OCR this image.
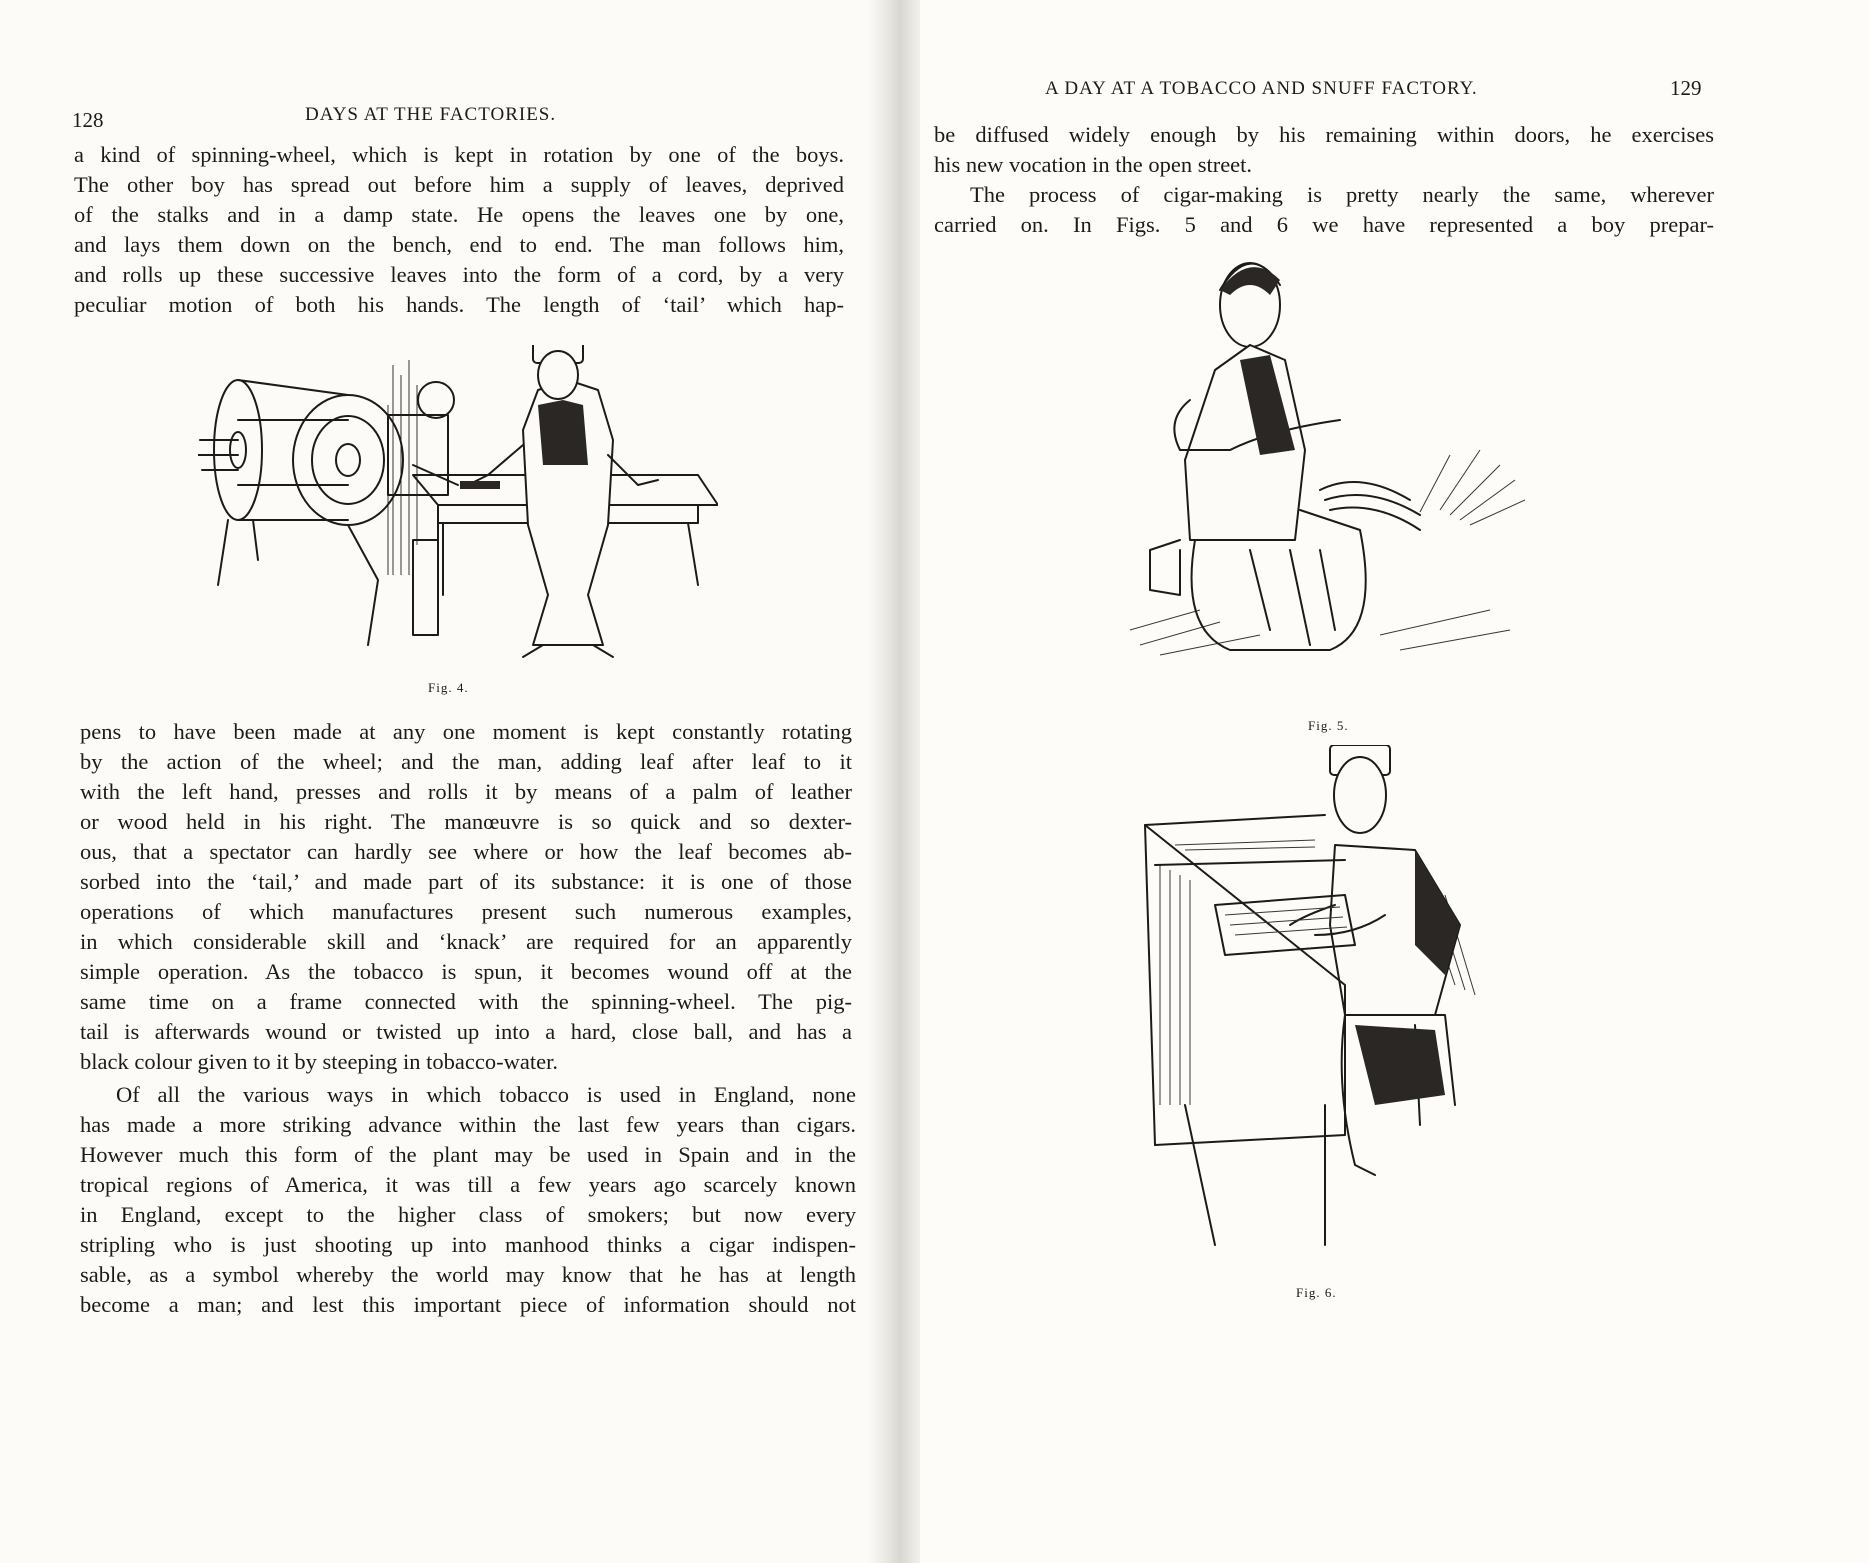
128	DAYS AT THE FACTORIES.

a kind of spinning-wheel, which is kept in rotation by one of the boys.

The other boy has spread out before him a supply of leaves, deprived

of the stalks and in a damp state. He opens the leaves one by one,

and lays them down on the bench, end to end. The man follows him,

and rolls up these successive leaves into the form of a cord, by a very

peculiar motion of both his hands. The length of ‘tail’ which hap-

Fig. 4.

pens to have been made at any one moment is kept constantly rotating

by the action of the wheel; and the man, adding leaf after leaf to it

with the left hand, presses and rolls it by means of a palm of leather

or wood held in his right. The manœuvre is so quick and so dexter-

ous, that a spectator can hardly see where or how the leaf becomes ab-

sorbed into the ‘tail,’ and made part of its substance: it is one of those

operations of which manufactures present such numerous examples,

in which considerable skill and ‘knack’ are required for an apparently

simple operation. As the tobacco is spun, it becomes wound off at the

same time on a frame connected with the spinning-wheel. The pig-

tail is afterwards wound or twisted up into a hard, close ball, and has a

black colour given to it by steeping in tobacco-water.

Of all the various ways in which tobacco is used in England, none

has made a more striking advance within the last few years than cigars.

However much this form of the plant may be used in Spain and in the

tropical regions of America, it was till a few years ago scarcely known

in England, except to the higher class of smokers; but now every

stripling who is just shooting up into manhood thinks a cigar indispen-

sable, as a symbol whereby the world may know that he has at length

become a man; and lest this important piece of information should not

A DAY AT A TOBACCO AND SNUFF FACTORY.	129

be diffused widely enough by his remaining within doors, he exercises

his new vocation in the open street.

The process of cigar-making is pretty nearly the same, wherever

carried on. In Figs. 5 and 6 we have represented a boy prepar-

Fig. 5.
Fig. 6.
